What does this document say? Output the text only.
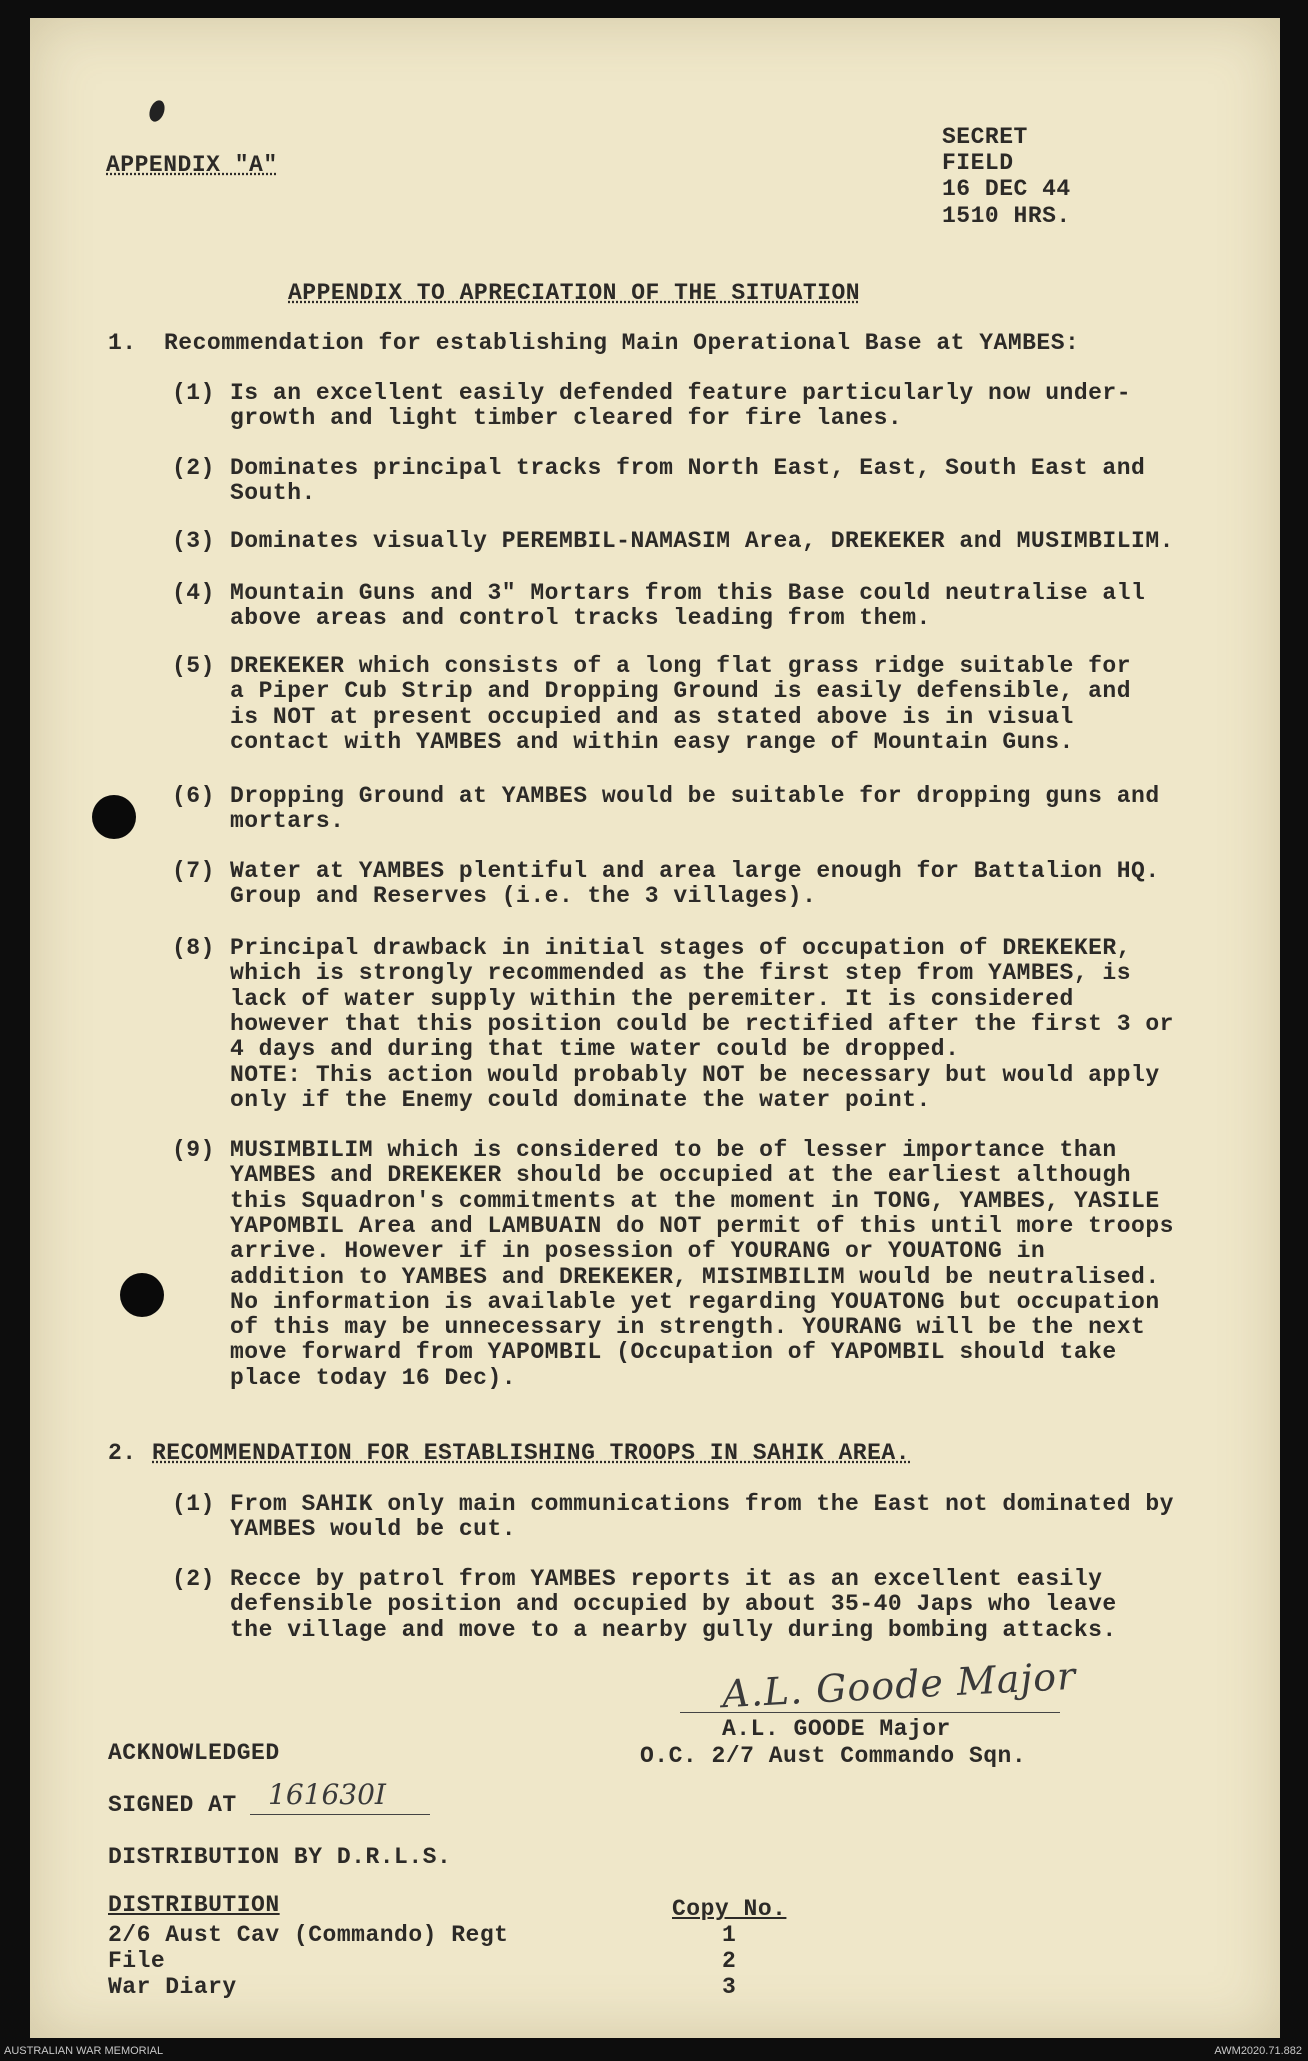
APPENDIX "A"
SECRET
FIELD
16 DEC 44
1510 HRS.
APPENDIX TO APRECIATION OF THE SITUATION
1. Recommendation for establishing Main Operational Base at YAMBES:
(1) Is an excellent easily defended feature particularly now under-
growth and light timber cleared for fire lanes.
(2) Dominates principal tracks from North East, East, South East and
South.
(3) Dominates visually PEREMBIL-NAMASIM Area, DREKEKER and MUSIMBILIM.
(4) Mountain Guns and 3" Mortars from this Base could neutralise all
above areas and control tracks leading from them.
(5) DREKEKER which consists of a long flat grass ridge suitable for
a Piper Cub Strip and Dropping Ground is easily defensible, and
is NOT at present occupied and as stated above is in visual
contact with YAMBES and within easy range of Mountain Guns.
(6) Dropping Ground at YAMBES would be suitable for dropping guns and
mortars.
(7) Water at YAMBES plentiful and area large enough for Battalion HQ.
Group and Reserves (i.e. the 3 villages).
(8) Principal drawback in initial stages of occupation of DREKEKER,
which is strongly recommended as the first step from YAMBES, is
lack of water supply within the peremiter. It is considered
however that this position could be rectified after the first 3 or
4 days and during that time water could be dropped.
NOTE: This action would probably NOT be necessary but would apply
only if the Enemy could dominate the water point.
(9) MUSIMBILIM which is considered to be of lesser importance than
YAMBES and DREKEKER should be occupied at the earliest although
this Squadron's commitments at the moment in TONG, YAMBES, YASILE
YAPOMBIL Area and LAMBUAIN do NOT permit of this until more troops
arrive. However if in posession of YOURANG or YOUATONG in
addition to YAMBES and DREKEKER, MISIMBILIM would be neutralised.
No information is available yet regarding YOUATONG but occupation
of this may be unnecessary in strength. YOURANG will be the next
move forward from YAPOMBIL (Occupation of YAPOMBIL should take
place today 16 Dec).
2. RECOMMENDATION FOR ESTABLISHING TROOPS IN SAHIK AREA.
(1) From SAHIK only main communications from the East not dominated by
YAMBES would be cut.
(2) Recce by patrol from YAMBES reports it as an excellent easily
defensible position and occupied by about 35-40 Japs who leave
the village and move to a nearby gully during bombing attacks.
A.L. Goode Major
A.L. GOODE Major
O.C. 2/7 Aust Commando Sqn.
ACKNOWLEDGED
SIGNED AT 161630I
DISTRIBUTION BY D.R.L.S.
DISTRIBUTION	Copy No.
2/6 Aust Cav (Commando) Regt	1
File	2
War Diary	3
AUSTRALIAN WAR MEMORIAL	AWM2020.71.882
